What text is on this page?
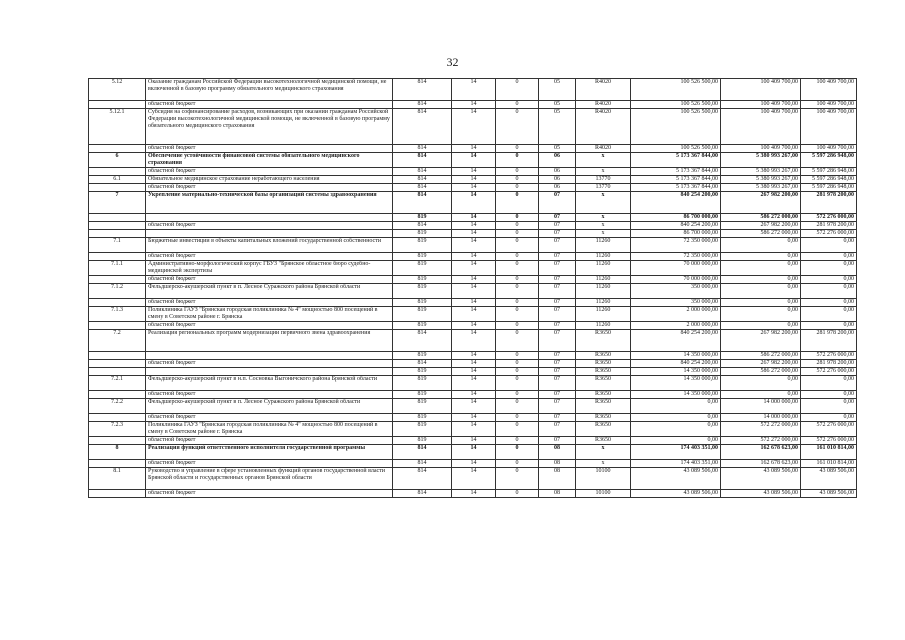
32
5.12	Оказание гражданам Российской Федерации высокотехнологичной медицинской помощи, не включенной в базовую программу обязательного медицинского страхования	814	14	0	05	R4020	100 526 500,00	100 409 700,00	100 409 700,00
	областной бюджет	814	14	0	05	R4020	100 526 500,00	100 409 700,00	100 409 700,00
5.12.1	Субсидия на софинансирование расходов, возникающих при оказании гражданам Российской Федерации высокотехнологичной медицинской помощи, не включенной в базовую программу обязательного медицинского страхования	814	14	0	05	R4020	100 526 500,00	100 409 700,00	100 409 700,00
	областной бюджет	814	14	0	05	R4020	100 526 500,00	100 409 700,00	100 409 700,00
6	Обеспечение устойчивости финансовой системы обязательного медицинского страхования	814	14	0	06	x	5 173 367 844,00	5 380 993 267,00	5 597 286 948,00
	областной бюджет	814	14	0	06	x	5 173 367 844,00	5 380 993 267,00	5 597 286 948,00
6.1	Обязательное медицинское страхование неработающего населения	814	14	0	06	13770	5 173 367 844,00	5 380 993 267,00	5 597 286 948,00
	областной бюджет	814	14	0	06	13770	5 173 367 844,00	5 380 993 267,00	5 597 286 948,00
7	Укрепление материально-технической базы организаций системы здравоохранения	814	14	0	07	x	840 254 200,00	267 982 200,00	281 978 200,00
		819	14	0	07	x	86 700 000,00	586 272 000,00	572 276 000,00
	областной бюджет	814	14	0	07	x	840 254 200,00	267 982 200,00	281 978 200,00
		819	14	0	07	x	86 700 000,00	586 272 000,00	572 276 000,00
7.1	Бюджетные инвестиции в объекты капитальных вложений государственной собственности	819	14	0	07	11260	72 350 000,00	0,00	0,00
	областной бюджет	819	14	0	07	11260	72 350 000,00	0,00	0,00
7.1.1	Административно-морфологический корпус ГБУЗ "Брянское областное бюро судебно-медицинской экспертизы	819	14	0	07	11260	70 000 000,00	0,00	0,00
	областной бюджет	819	14	0	07	11260	70 000 000,00	0,00	0,00
7.1.2	Фельдшерско-акушерский пункт в п. Лесное Суражского района Брянской области	819	14	0	07	11260	350 000,00	0,00	0,00
	областной бюджет	819	14	0	07	11260	350 000,00	0,00	0,00
7.1.3	Поликлиника ГАУЗ "Брянская городская поликлиника № 4" мощностью 800 посещений в смену в Советском районе г. Брянска	819	14	0	07	11260	2 000 000,00	0,00	0,00
	областной бюджет	819	14	0	07	11260	2 000 000,00	0,00	0,00
7.2	Реализация региональных программ модернизации первичного звена здравоохранения	814	14	0	07	R3650	840 254 200,00	267 982 200,00	281 978 200,00
		819	14	0	07	R3650	14 350 000,00	586 272 000,00	572 276 000,00
	областной бюджет	814	14	0	07	R3650	840 254 200,00	267 982 200,00	281 978 200,00
		819	14	0	07	R3650	14 350 000,00	586 272 000,00	572 276 000,00
7.2.1	Фельдшерско-акушерский пункт в н.п. Сосновка Выгоничского района Брянской области	819	14	0	07	R3650	14 350 000,00	0,00	0,00
	областной бюджет	819	14	0	07	R3650	14 350 000,00	0,00	0,00
7.2.2	Фельдшерско-акушерский пункт в п. Лесное Суражского района Брянской области	819	14	0	07	R3650	0,00	14 000 000,00	0,00
	областной бюджет	819	14	0	07	R3650	0,00	14 000 000,00	0,00
7.2.3	Поликлиника ГАУЗ "Брянская городская поликлиника № 4" мощностью 800 посещений в смену в Советском районе г. Брянска	819	14	0	07	R3650	0,00	572 272 000,00	572 276 000,00
	областной бюджет	819	14	0	07	R3650	0,00	572 272 000,00	572 276 000,00
8	Реализация функций ответственного исполнителя государственной программы	814	14	0	08	x	174 403 351,00	162 678 623,00	161 010 814,00
	областной бюджет	814	14	0	08	x	174 403 351,00	162 678 623,00	161 010 814,00
8.1	Руководство и управление в сфере установленных функций органов государственной власти Брянской области и государственных органов Брянской области	814	14	0	08	10100	43 089 506,00	43 089 506,00	43 089 506,00
	областной бюджет	814	14	0	08	10100	43 089 506,00	43 089 506,00	43 089 506,00
